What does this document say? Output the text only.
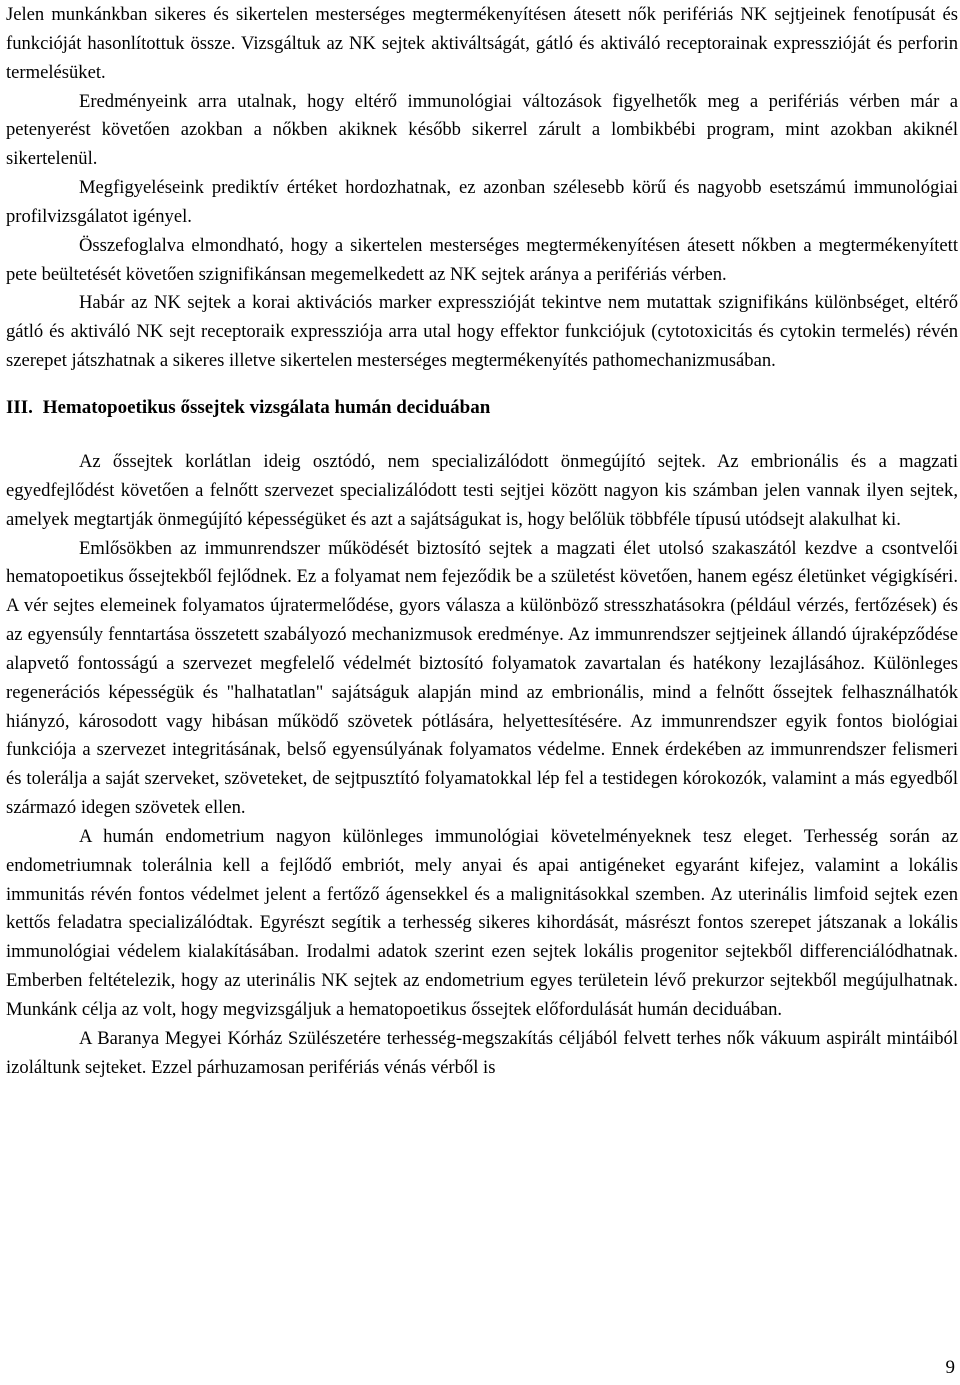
Jelen munkánkban sikeres és sikertelen mesterséges megtermékenyítésen átesett nők perifériás NK sejtjeinek fenotípusát és funkcióját hasonlítottuk össze. Vizsgáltuk az NK sejtek aktiváltságát, gátló és aktiváló receptorainak expresszióját és perforin termelésüket.

Eredményeink arra utalnak, hogy eltérő immunológiai változások figyelhetők meg a perifériás vérben már a petenyerést követően azokban a nőkben akiknek később sikerrel zárult a lombikbébi program, mint azokban akiknél sikertelenül.

Megfigyeléseink prediktív értéket hordozhatnak, ez azonban szélesebb körű és nagyobb esetszámú immunológiai profilvizsgálatot igényel.

Összefoglalva elmondható, hogy a sikertelen mesterséges megtermékenyítésen átesett nőkben a megtermékenyített pete beültetését követően szignifikánsan megemelkedett az NK sejtek aránya a perifériás vérben.

Habár az NK sejtek a korai aktivációs marker expresszióját tekintve nem mutattak szignifikáns különbséget, eltérő gátló és aktiváló NK sejt receptoraik expressziója arra utal hogy effektor funkciójuk (cytotoxicitás és cytokin termelés) révén szerepet játszhatnak a sikeres illetve sikertelen mesterséges megtermékenyítés pathomechanizmusában.

III. Hematopoetikus őssejtek vizsgálata humán deciduában

Az őssejtek korlátlan ideig osztódó, nem specializálódott önmegújító sejtek. Az embrionális és a magzati egyedfejlődést követően a felnőtt szervezet specializálódott testi sejtjei között nagyon kis számban jelen vannak ilyen sejtek, amelyek megtartják önmegújító képességüket és azt a sajátságukat is, hogy belőlük többféle típusú utódsejt alakulhat ki.

Emlősökben az immunrendszer működését biztosító sejtek a magzati élet utolsó szakaszától kezdve a csontvelői hematopoetikus őssejtekből fejlődnek. Ez a folyamat nem fejeződik be a születést követően, hanem egész életünket végigkíséri. A vér sejtes elemeinek folyamatos újratermelődése, gyors válasza a különböző stresszhatásokra (például vérzés, fertőzések) és az egyensúly fenntartása összetett szabályozó mechanizmusok eredménye. Az immunrendszer sejtjeinek állandó újraképződése alapvető fontosságú a szervezet megfelelő védelmét biztosító folyamatok zavartalan és hatékony lezajlásához. Különleges regenerációs képességük és "halhatatlan" sajátságuk alapján mind az embrionális, mind a felnőtt őssejtek felhasználhatók hiányzó, károsodott vagy hibásan működő szövetek pótlására, helyettesítésére. Az immunrendszer egyik fontos biológiai funkciója a szervezet integritásának, belső egyensúlyának folyamatos védelme. Ennek érdekében az immunrendszer felismeri és tolerálja a saját szerveket, szöveteket, de sejtpusztító folyamatokkal lép fel a testidegen kórokozók, valamint a más egyedből származó idegen szövetek ellen.

A humán endometrium nagyon különleges immunológiai követelményeknek tesz eleget. Terhesség során az endometriumnak tolerálnia kell a fejlődő embriót, mely anyai és apai antigéneket egyaránt kifejez, valamint a lokális immunitás révén fontos védelmet jelent a fertőző ágensekkel és a malignitásokkal szemben. Az uterinális limfoid sejtek ezen kettős feladatra specializálódtak. Egyrészt segítik a terhesség sikeres kihordását, másrészt fontos szerepet játszanak a lokális immunológiai védelem kialakításában. Irodalmi adatok szerint ezen sejtek lokális progenitor sejtekből differenciálódhatnak. Emberben feltételezik, hogy az uterinális NK sejtek az endometrium egyes területein lévő prekurzor sejtekből megújulhatnak. Munkánk célja az volt, hogy megvizsgáljuk a hematopoetikus őssejtek előfordulását humán deciduában.

A Baranya Megyei Kórház Szülészetére terhesség-megszakítás céljából felvett terhes nők vákuum aspirált mintáiból izoláltunk sejteket. Ezzel párhuzamosan perifériás vénás vérből is

9
